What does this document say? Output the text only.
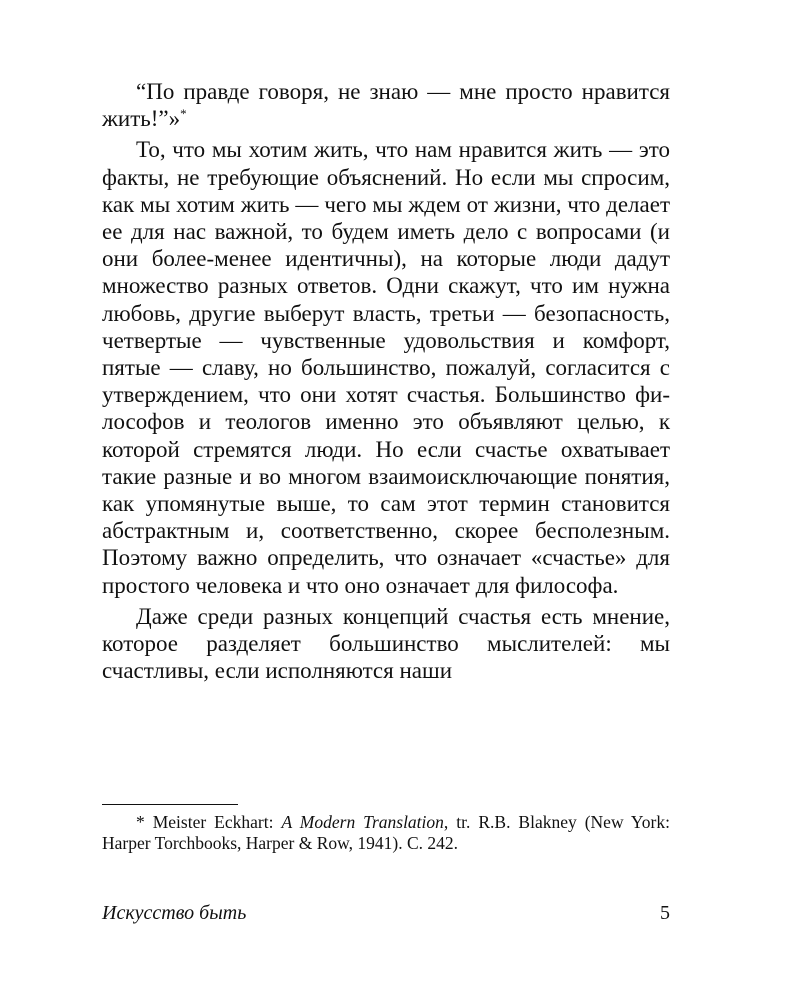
“По правде говоря, не знаю — мне просто нравится жить!”»*

То, что мы хотим жить, что нам нравится жить — это факты, не требующие объяснений. Но если мы спросим, как мы хотим жить — чего мы ждем от жизни, что делает ее для нас важной, то будем иметь дело с вопросами (и они более-менее идентичны), на которые люди дадут множество разных ответов. Одни скажут, что им нужна любовь, другие выберут власть, третьи — безопасность, четвертые — чувственные удовольствия и комфорт, пятые — славу, но большинство, пожалуй, согласится с утверждением, что они хотят счастья. Большинство философов и теологов именно это объявляют целью, к которой стремятся люди. Но если счастье охватывает такие разные и во многом взаимоисключающие понятия, как упомянутые выше, то сам этот термин становится абстрактным и, соответственно, скорее бесполезным. Поэтому важно определить, что означает «счастье» для простого человека и что оно означает для философа.

Даже среди разных концепций счастья есть мнение, которое разделяет большинство мыслителей: мы счастливы, если исполняются наши

* Meister Eckhart: A Modern Translation, tr. R.B. Blakney (New York: Harper Torchbooks, Harper & Row, 1941). С. 242.
Искусство быть	5
